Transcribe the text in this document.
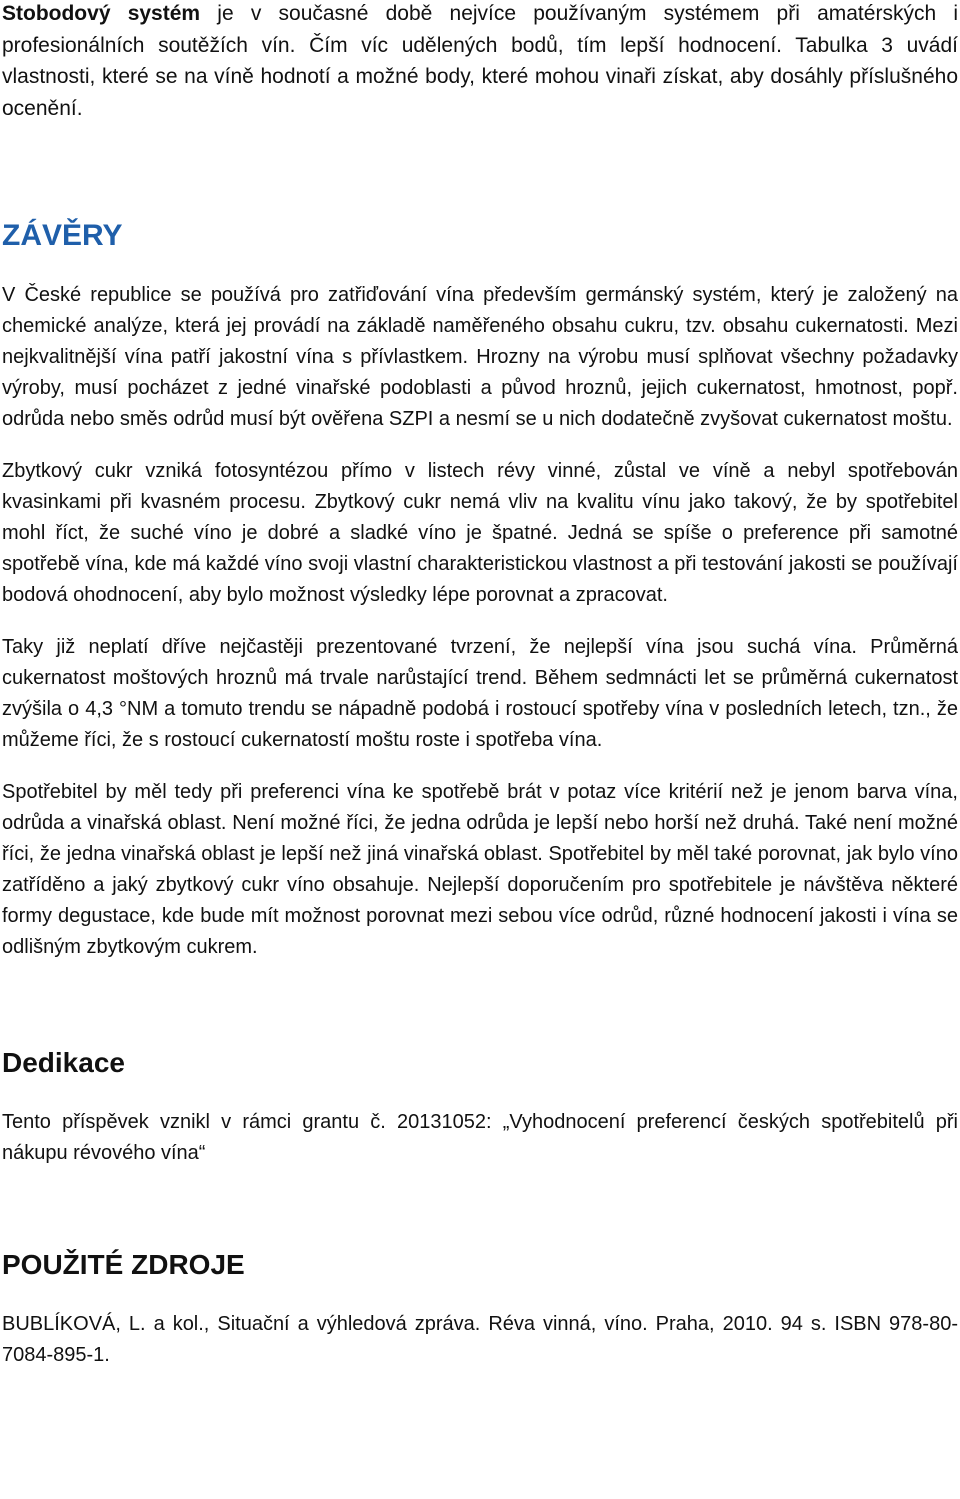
Stobodový systém je v současné době nejvíce používaným systémem při amatérských i profesionálních soutěžích vín. Čím víc udělených bodů, tím lepší hodnocení. Tabulka 3 uvádí vlastnosti, které se na víně hodnotí a možné body, které mohou vinaři získat, aby dosáhly příslušného ocenění.

ZÁVĚRY

V České republice se používá pro zatřiďování vína především germánský systém, který je založený na chemické analýze, která jej provádí na základě naměřeného obsahu cukru, tzv. obsahu cukernatosti. Mezi nejkvalitnější vína patří jakostní vína s přívlastkem. Hrozny na výrobu musí splňovat všechny požadavky výroby, musí pocházet z jedné vinařské podoblasti a původ hroznů, jejich cukernatost, hmotnost, popř. odrůda nebo směs odrůd musí být ověřena SZPI a nesmí se u nich dodatečně zvyšovat cukernatost moštu.

Zbytkový cukr vzniká fotosyntézou přímo v listech révy vinné, zůstal ve víně a nebyl spotřebován kvasinkami při kvasném procesu. Zbytkový cukr nemá vliv na kvalitu vínu jako takový, že by spotřebitel mohl říct, že suché víno je dobré a sladké víno je špatné. Jedná se spíše o preference při samotné spotřebě vína, kde má každé víno svoji vlastní charakteristickou vlastnost a při testování jakosti se používají bodová ohodnocení, aby bylo možnost výsledky lépe porovnat a zpracovat.

Taky již neplatí dříve nejčastěji prezentované tvrzení, že nejlepší vína jsou suchá vína. Průměrná cukernatost moštových hroznů má trvale narůstající trend. Během sedmnácti let se průměrná cukernatost zvýšila o 4,3 °NM a tomuto trendu se nápadně podobá i rostoucí spotřeby vína v posledních letech, tzn., že můžeme říci, že s rostoucí cukernatostí moštu roste i spotřeba vína.

Spotřebitel by měl tedy při preferenci vína ke spotřebě brát v potaz více kritérií než je jenom barva vína, odrůda a vinařská oblast. Není možné říci, že jedna odrůda je lepší nebo horší než druhá. Také není možné říci, že jedna vinařská oblast je lepší než jiná vinařská oblast. Spotřebitel by měl také porovnat, jak bylo víno zatříděno a jaký zbytkový cukr víno obsahuje. Nejlepší doporučením pro spotřebitele je návštěva některé formy degustace, kde bude mít možnost porovnat mezi sebou více odrůd, různé hodnocení jakosti i vína se odlišným zbytkovým cukrem.

Dedikace

Tento příspěvek vznikl v rámci grantu č. 20131052: „Vyhodnocení preferencí českých spotřebitelů při nákupu révového vína“

POUŽITÉ ZDROJE

BUBLÍKOVÁ, L. a kol., Situační a výhledová zpráva. Réva vinná, víno. Praha, 2010. 94 s. ISBN 978-80-7084-895-1.
